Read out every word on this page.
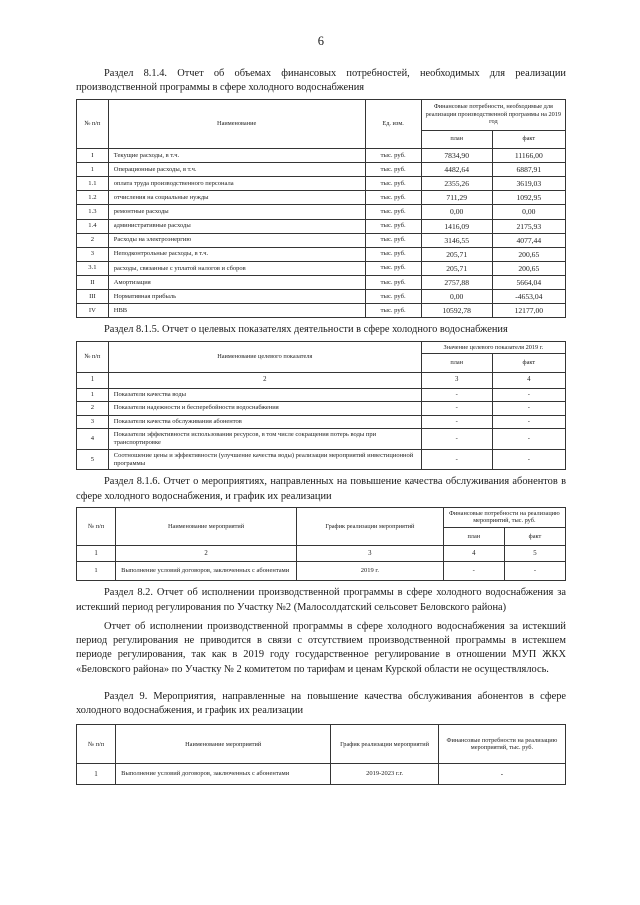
6

Раздел 8.1.4. Отчет об объемах финансовых потребностей, необходимых для реализации производственной программы в сфере холодного водоснабжения

№ п/п	Наименование	Ед. изм.	Финансовые потребности, необходимые для реализации производственной программы на 2019 год	
			план	факт
I	Текущие расходы, в т.ч.	тыс. руб.	7834,90	11166,00
1	Операционные расходы, в т.ч.	тыс. руб.	4482,64	6887,91
1.1	оплата труда производственного персонала	тыс. руб.	2355,26	3619,03
1.2	отчисления на социальные нужды	тыс. руб.	711,29	1092,95
1.3	ремонтные расходы	тыс. руб.	0,00	0,00
1.4	административные расходы	тыс. руб.	1416,09	2175,93
2	Расходы на электроэнергию	тыс. руб.	3146,55	4077,44
3	Неподконтрольные расходы, в т.ч.	тыс. руб.	205,71	200,65
3.1	расходы, связанные с уплатой налогов и сборов	тыс. руб.	205,71	200,65
II	Амортизация	тыс. руб.	2757,88	5664,04
III	Нормативная прибыль	тыс. руб.	0,00	-4653,04
IV	НВВ	тыс. руб.	10592,78	12177,00

Раздел 8.1.5. Отчет о целевых показателях деятельности в сфере холодного водоснабжения

№ п/п	Наименование целевого показателя	Значение целевого показателя 2019 г.	
		план	факт
1	2	3	4
1	Показатели качества воды	-	-
2	Показатели надежности и бесперебойности водоснабжения	-	-
3	Показатели качества обслуживания абонентов	-	-
4	Показатели эффективности использования ресурсов, в том числе сокращения потерь воды при транспортировке	-	-
5	Соотношение цены и эффективности (улучшение качества воды) реализации мероприятий инвестиционной программы	-	-

Раздел 8.1.6. Отчет о мероприятиях, направленных на повышение качества обслуживания абонентов в сфере холодного водоснабжения, и график их реализации

№ п/п	Наименование мероприятий	График реализации мероприятий	Финансовые потребности на реализацию мероприятий, тыс. руб.	
			план	факт
1	2	3	4	5
1	Выполнение условий договоров, заключенных с абонентами	2019 г.	-	-

Раздел 8.2. Отчет об исполнении производственной программы в сфере холодного водоснабжения за истекший период регулирования по Участку №2 (Малосолдатский сельсовет Беловского района)

Отчет об исполнении производственной программы в сфере холодного водоснабжения за истекший период регулирования не приводится в связи с отсутствием производственной программы в истекшем периоде регулирования, так как в 2019 году государственное регулирование в отношении МУП ЖКХ «Беловского района» по Участку № 2 комитетом по тарифам и ценам Курской области не осуществлялось.

Раздел 9. Мероприятия, направленные на повышение качества обслуживания абонентов в сфере холодного водоснабжения, и график их реализации

№ п/п	Наименование мероприятий	График реализации мероприятий	Финансовые потребности на реализацию мероприятий, тыс. руб.
1	Выполнение условий договоров, заключенных с абонентами	2019-2023 г.г.	-
